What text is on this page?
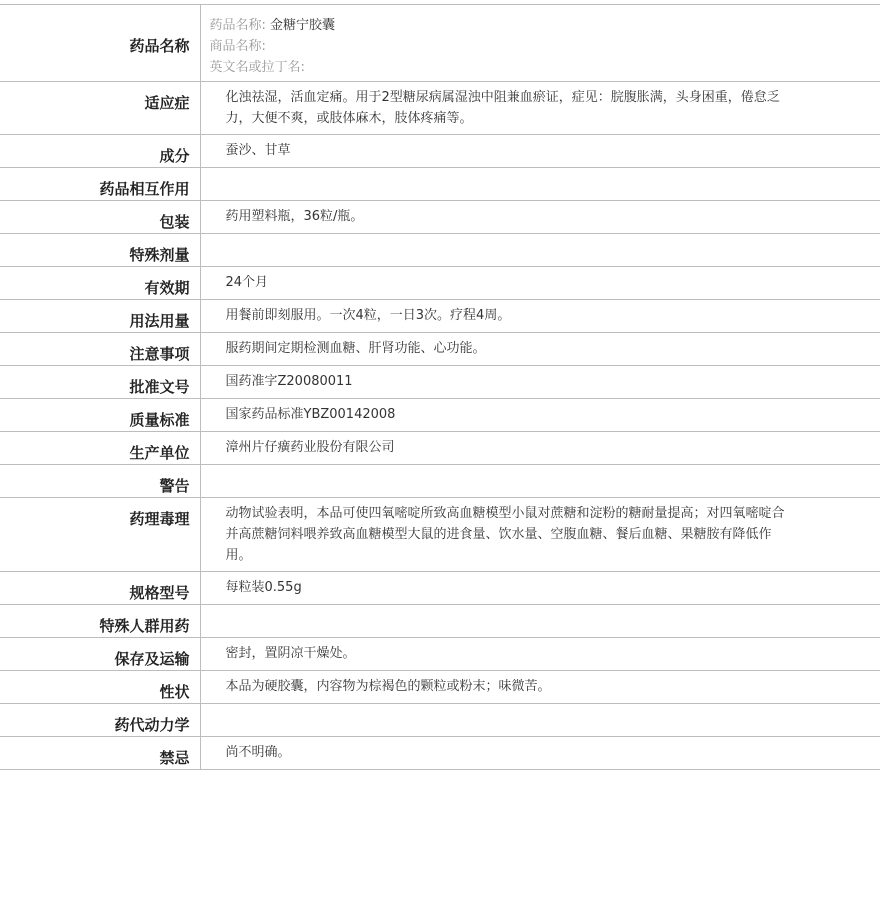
药品名称	药品名称: 金糖宁胶囊
商品名称:
英文名或拉丁名:

适应症	化浊祛湿，活血定痛。用于2型糖尿病属湿浊中阻兼血瘀证，症见：脘腹胀满，头身困重，倦怠乏力，大便不爽，或肢体麻木，肢体疼痛等。
成分	蚕沙、甘草
药品相互作用	
包装	药用塑料瓶，36粒/瓶。
特殊剂量	
有效期	24个月
用法用量	用餐前即刻服用。一次4粒，一日3次。疗程4周。
注意事项	服药期间定期检测血糖、肝肾功能、心功能。
批准文号	国药准字Z20080011
质量标准	国家药品标准YBZ00142008
生产单位	漳州片仔癀药业股份有限公司
警告	
药理毒理	动物试验表明，本品可使四氧嘧啶所致高血糖模型小鼠对蔗糖和淀粉的糖耐量提高；对四氧嘧啶合并高蔗糖饲料喂养致高血糖模型大鼠的进食量、饮水量、空腹血糖、餐后血糖、果糖胺有降低作用。
规格型号	每粒装0.55g
特殊人群用药	
保存及运输	密封，置阴凉干燥处。
性状	本品为硬胶囊，内容物为棕褐色的颗粒或粉末；味微苦。
药代动力学	
禁忌	尚不明确。
